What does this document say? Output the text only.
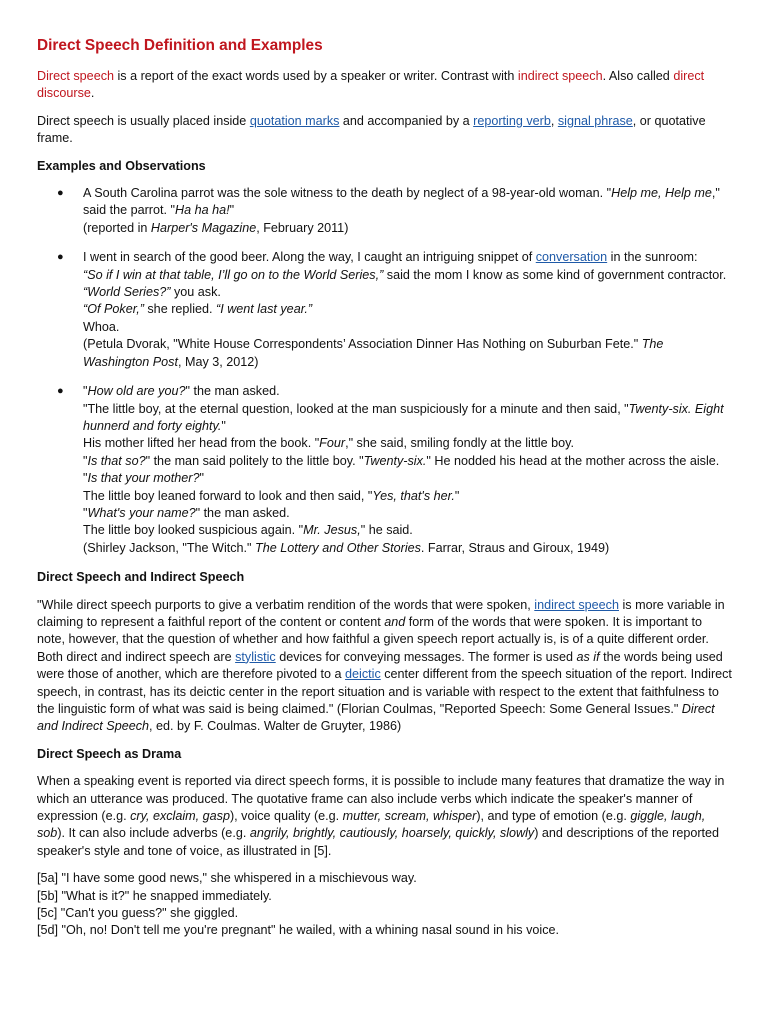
Direct Speech Definition and Examples

Direct speech is a report of the exact words used by a speaker or writer. Contrast with indirect speech. Also called direct discourse.

Direct speech is usually placed inside quotation marks and accompanied by a reporting verb, signal phrase, or quotative frame.

Examples and Observations
● A South Carolina parrot was the sole witness to the death by neglect of a 98-year-old woman. "Help me, Help me," said the parrot. "Ha ha ha!"
(reported in Harper's Magazine, February 2011)
● I went in search of the good beer. Along the way, I caught an intriguing snippet of conversation in the sunroom:
“So if I win at that table, I’ll go on to the World Series,” said the mom I know as some kind of government contractor.
“World Series?” you ask.
“Of Poker,” she replied. “I went last year.”
Whoa.
(Petula Dvorak, "White House Correspondents’ Association Dinner Has Nothing on Suburban Fete." The Washington Post, May 3, 2012)
● "How old are you?" the man asked.
"The little boy, at the eternal question, looked at the man suspiciously for a minute and then said, "Twenty-six. Eight hunnerd and forty eighty."
His mother lifted her head from the book. "Four," she said, smiling fondly at the little boy.
"Is that so?" the man said politely to the little boy. "Twenty-six." He nodded his head at the mother across the aisle. "Is that your mother?"
The little boy leaned forward to look and then said, "Yes, that's her."
"What's your name?" the man asked.
The little boy looked suspicious again. "Mr. Jesus," he said.
(Shirley Jackson, "The Witch." The Lottery and Other Stories. Farrar, Straus and Giroux, 1949)
Direct Speech and Indirect Speech

"While direct speech purports to give a verbatim rendition of the words that were spoken, indirect speech is more variable in claiming to represent a faithful report of the content or content and form of the words that were spoken. It is important to note, however, that the question of whether and how faithful a given speech report actually is, is of a quite different order. Both direct and indirect speech are stylistic devices for conveying messages. The former is used as if the words being used were those of another, which are therefore pivoted to a deictic center different from the speech situation of the report. Indirect speech, in contrast, has its deictic center in the report situation and is variable with respect to the extent that faithfulness to the linguistic form of what was said is being claimed." (Florian Coulmas, "Reported Speech: Some General Issues." Direct and Indirect Speech, ed. by F. Coulmas. Walter de Gruyter, 1986)

Direct Speech as Drama

When a speaking event is reported via direct speech forms, it is possible to include many features that dramatize the way in which an utterance was produced. The quotative frame can also include verbs which indicate the speaker's manner of expression (e.g. cry, exclaim, gasp), voice quality (e.g. mutter, scream, whisper), and type of emotion (e.g. giggle, laugh, sob). It can also include adverbs (e.g. angrily, brightly, cautiously, hoarsely, quickly, slowly) and descriptions of the reported speaker's style and tone of voice, as illustrated in [5].

[5a] "I have some good news," she whispered in a mischievous way.
[5b] "What is it?" he snapped immediately.
[5c] "Can't you guess?" she giggled.
[5d] "Oh, no! Don't tell me you're pregnant" he wailed, with a whining nasal sound in his voice.
